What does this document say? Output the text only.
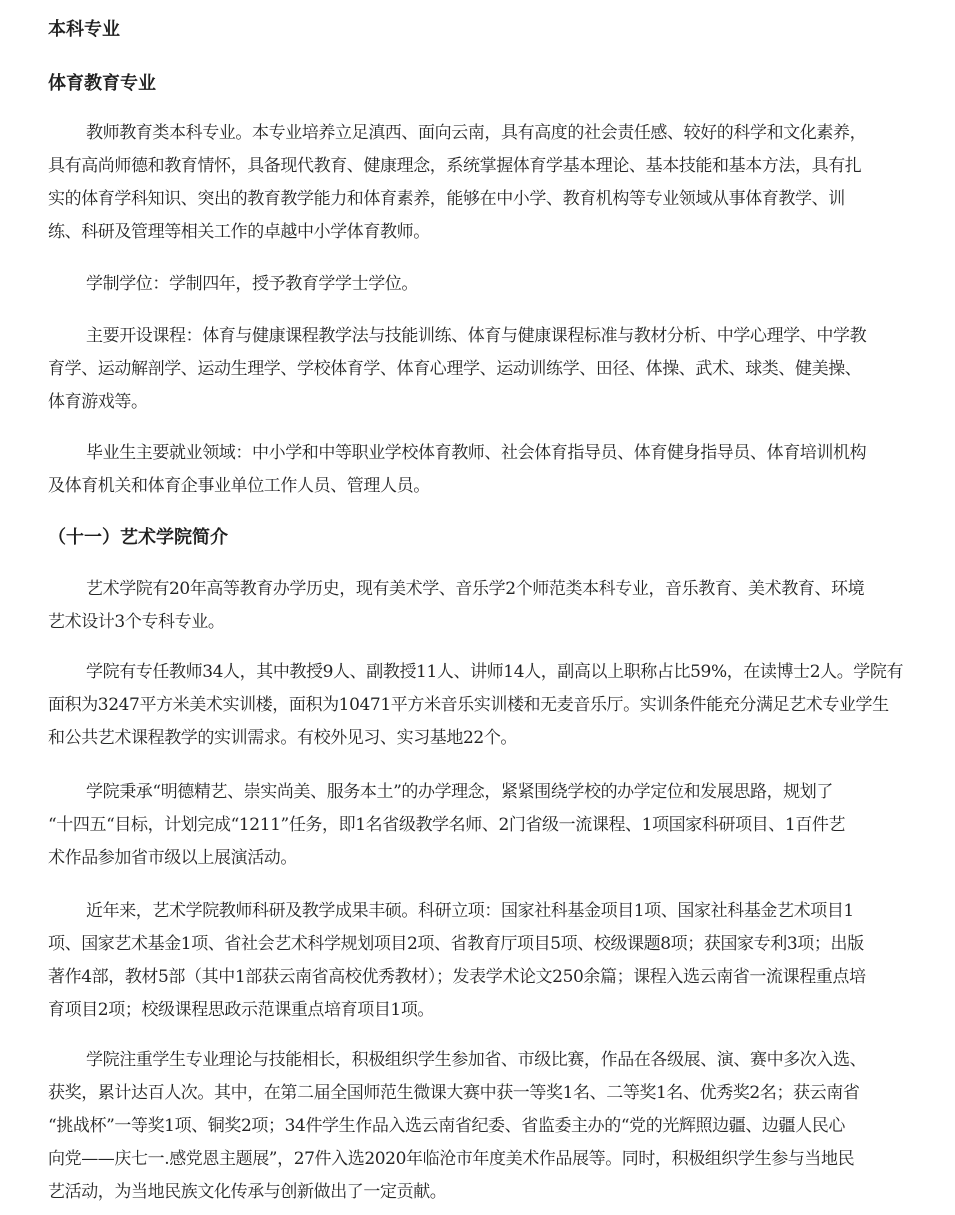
本科专业
体育教育专业

教师教育类本科专业。本专业培养立足滇西、面向云南，具有高度的社会责任感、较好的科学和文化素养，
具有高尚师德和教育情怀，具备现代教育、健康理念，系统掌握体育学基本理论、基本技能和基本方法，具有扎
实的体育学科知识、突出的教育教学能力和体育素养，能够在中小学、教育机构等专业领域从事体育教学、训
练、科研及管理等相关工作的卓越中小学体育教师。

学制学位：学制四年，授予教育学学士学位。

主要开设课程：体育与健康课程教学法与技能训练、体育与健康课程标准与教材分析、中学心理学、中学教
育学、运动解剖学、运动生理学、学校体育学、体育心理学、运动训练学、田径、体操、武术、球类、健美操、
体育游戏等。

毕业生主要就业领域：中小学和中等职业学校体育教师、社会体育指导员、体育健身指导员、体育培训机构
及体育机关和体育企事业单位工作人员、管理人员。

（十一）艺术学院简介

艺术学院有20年高等教育办学历史，现有美术学、音乐学2个师范类本科专业，音乐教育、美术教育、环境
艺术设计3个专科专业。

学院有专任教师34人，其中教授9人、副教授11人、讲师14人，副高以上职称占比59%，在读博士2人。学院有
面积为3247平方米美术实训楼，面积为10471平方米音乐实训楼和无麦音乐厅。实训条件能充分满足艺术专业学生
和公共艺术课程教学的实训需求。有校外见习、实习基地22个。

学院秉承“明德精艺、崇实尚美、服务本土”的办学理念，紧紧围绕学校的办学定位和发展思路，规划了
“十四五“目标，计划完成“1211”任务，即1名省级教学名师、2门省级一流课程、1项国家科研项目、1百件艺
术作品参加省市级以上展演活动。

近年来，艺术学院教师科研及教学成果丰硕。科研立项：国家社科基金项目1项、国家社科基金艺术项目1
项、国家艺术基金1项、省社会艺术科学规划项目2项、省教育厅项目5项、校级课题8项；获国家专利3项；出版
著作4部，教材5部（其中1部获云南省高校优秀教材）；发表学术论文250余篇；课程入选云南省一流课程重点培
育项目2项；校级课程思政示范课重点培育项目1项。

学院注重学生专业理论与技能相长，积极组织学生参加省、市级比赛，作品在各级展、演、赛中多次入选、
获奖，累计达百人次。其中，在第二届全国师范生微课大赛中获一等奖1名、二等奖1名、优秀奖2名；获云南省
“挑战杯”一等奖1项、铜奖2项；34件学生作品入选云南省纪委、省监委主办的“党的光辉照边疆、边疆人民心
向党——庆七一.感党恩主题展”，27件入选2020年临沧市年度美术作品展等。同时，积极组织学生参与当地民
艺活动，为当地民族文化传承与创新做出了一定贡献。
